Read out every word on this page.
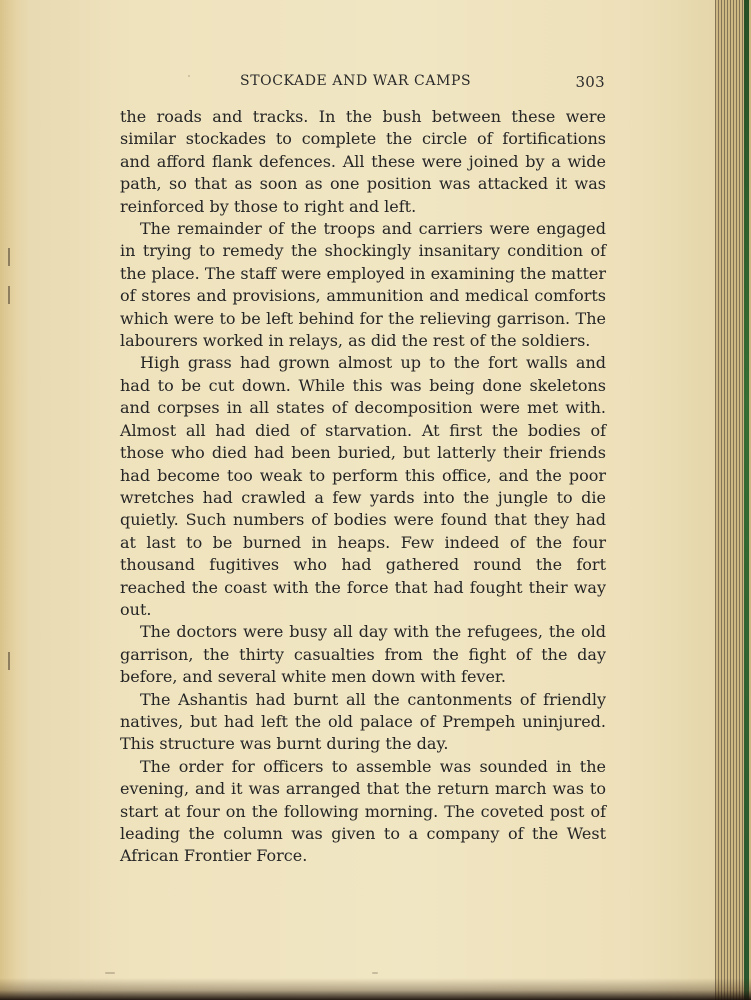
STOCKADE AND WAR CAMPS	303

the roads and tracks. In the bush between these were similar stockades to complete the circle of fortifications and afford flank defences. All these were joined by a wide path, so that as soon as one position was attacked it was reinforced by those to right and left.

The remainder of the troops and carriers were engaged in trying to remedy the shockingly insanitary condition of the place. The staff were employed in examining the matter of stores and provisions, ammunition and medical comforts which were to be left behind for the relieving garrison. The labourers worked in relays, as did the rest of the soldiers.

High grass had grown almost up to the fort walls and had to be cut down. While this was being done skeletons and corpses in all states of decomposition were met with. Almost all had died of starvation. At first the bodies of those who died had been buried, but latterly their friends had become too weak to perform this office, and the poor wretches had crawled a few yards into the jungle to die quietly. Such numbers of bodies were found that they had at last to be burned in heaps. Few indeed of the four thousand fugitives who had gathered round the fort reached the coast with the force that had fought their way out.

The doctors were busy all day with the refugees, the old garrison, the thirty casualties from the fight of the day before, and several white men down with fever.

The Ashantis had burnt all the cantonments of friendly natives, but had left the old palace of Prempeh uninjured. This structure was burnt during the day.

The order for officers to assemble was sounded in the evening, and it was arranged that the return march was to start at four on the following morning. The coveted post of leading the column was given to a company of the West African Frontier Force.
